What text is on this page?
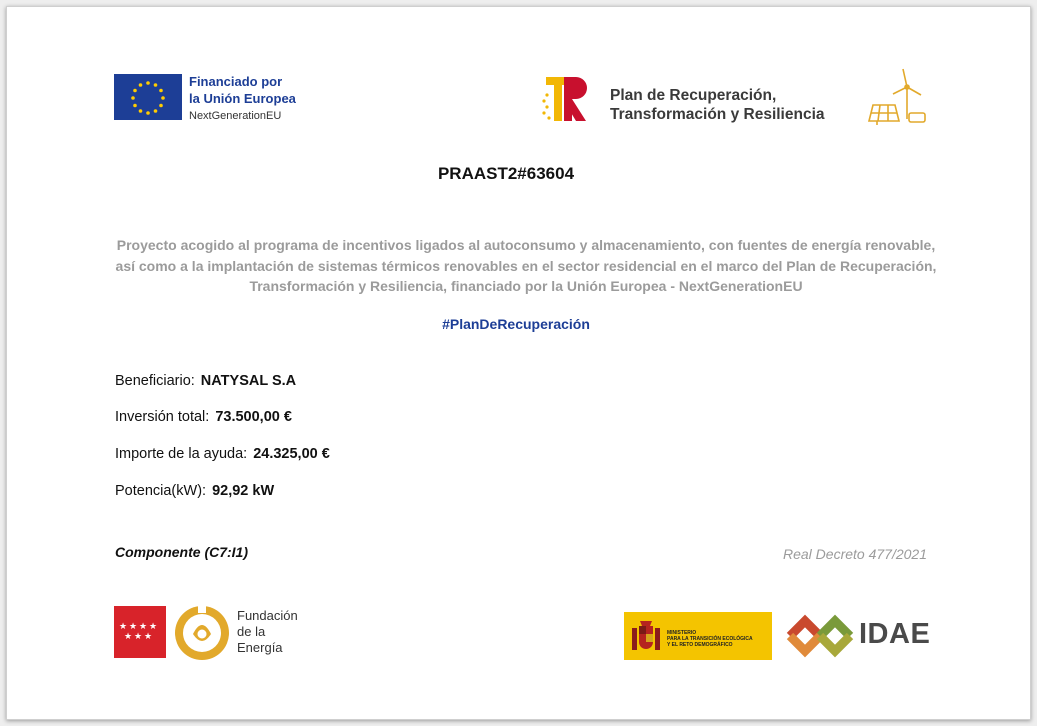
Financiado por
la Unión Europea
NextGenerationEU
Plan de Recuperación,
Transformación y Resiliencia
PRAAST2#63604
Proyecto acogido al programa de incentivos ligados al autoconsumo y almacenamiento, con fuentes de energía renovable, así como a la implantación de sistemas térmicos renovables en el sector residencial en el marco del Plan de Recuperación, Transformación y Resiliencia, financiado por la Unión Europea - NextGenerationEU
#PlanDeRecuperación
Beneficiario: NATYSAL S.A
Inversión total: 73.500,00 €
Importe de la ayuda: 24.325,00 €
Potencia(kW): 92,92 kW
Componente (C7:I1)	Real Decreto 477/2021
★ ★ ★ ★
★ ★ ★
Fundación
de la
Energía
MINISTERIO
PARA LA TRANSICIÓN ECOLÓGICA
Y EL RETO DEMOGRÁFICO	IDAE
